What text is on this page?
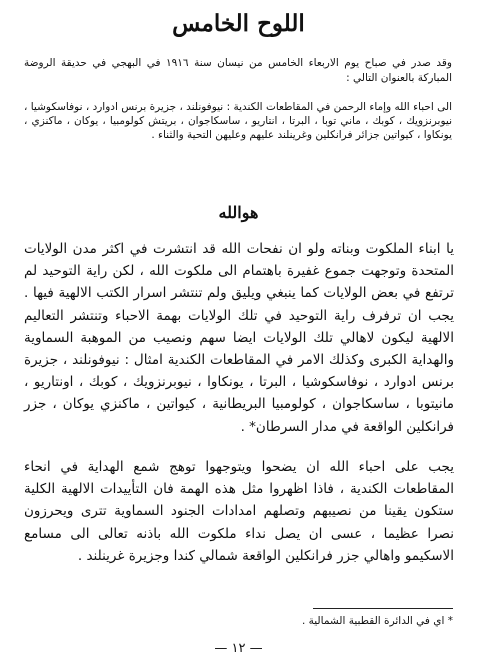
اللوح الخامس

وقد صدر في صباح يوم الاربعاء الخامس من نيسان سنة ١٩١٦ في البهجي في حديقة الروضة المباركة بالعنوان التالي :

الى احباء الله وإماء الرحمن في المقاطعات الكندية : نيوفونلند ، جزيرة برنس ادوارد ، نوفاسكوشيا ، نيوبرنزويك ، كوبك ، ماني توبا ، البرتا ، انتاريو ، ساسكاجوان ، بريتش كولومبيا ، يوكان ، ماكنزي ، يونكاوا ، كيواتين جزائر فرانكلين وغرينلند عليهم وعليهن التحية والثناء .

هوالله

يا ابناء الملكوت وبناته ولو ان نفحات الله قد انتشرت في اكثر مدن الولايات المتحدة وتوجهت جموع غفيرة باهتمام الى ملكوت الله ، لكن راية التوحيد لم ترتفع في بعض الولايات كما ينبغي ويليق ولم تنتشر اسرار الكتب الالهية فيها . يجب ان ترفرف راية التوحيد في تلك الولايات بهمة الاحباء وتنتشر التعاليم الالهية ليكون لاهالي تلك الولايات ايضا سهم ونصيب من الموهبة السماوية والهداية الكبرى وكذلك الامر في المقاطعات الكندية امثال : نيوفونلند ، جزيرة برنس ادوارد ، نوفاسكوشيا ، البرتا ، يونكاوا ، نيوبرنزويك ، كوبك ، اونتاريو ، مانيتوبا ، ساسكاجوان ، كولومبيا البريطانية ، كيواتين ، ماكنزي يوكان ، جزر فرانكلين الواقعة في مدار السرطان* .

يجب على احباء الله ان يضحوا ويتوجهوا توهج شمع الهداية في انحاء المقاطعات الكندية ، فاذا اظهروا مثل هذه الهمة فان التأييدات الالهية الكلية ستكون يقينا من نصيبهم وتصلهم امدادات الجنود السماوية تترى ويحرزون نصرا عظيما ، عسى ان يصل نداء ملكوت الله باذنه تعالى الى مسامع الاسكيمو واهالي جزر فرانكلين الواقعة شمالي كندا وجزيرة غرينلند .

* اي في الدائرة القطبية الشمالية .
— ١٢ —
